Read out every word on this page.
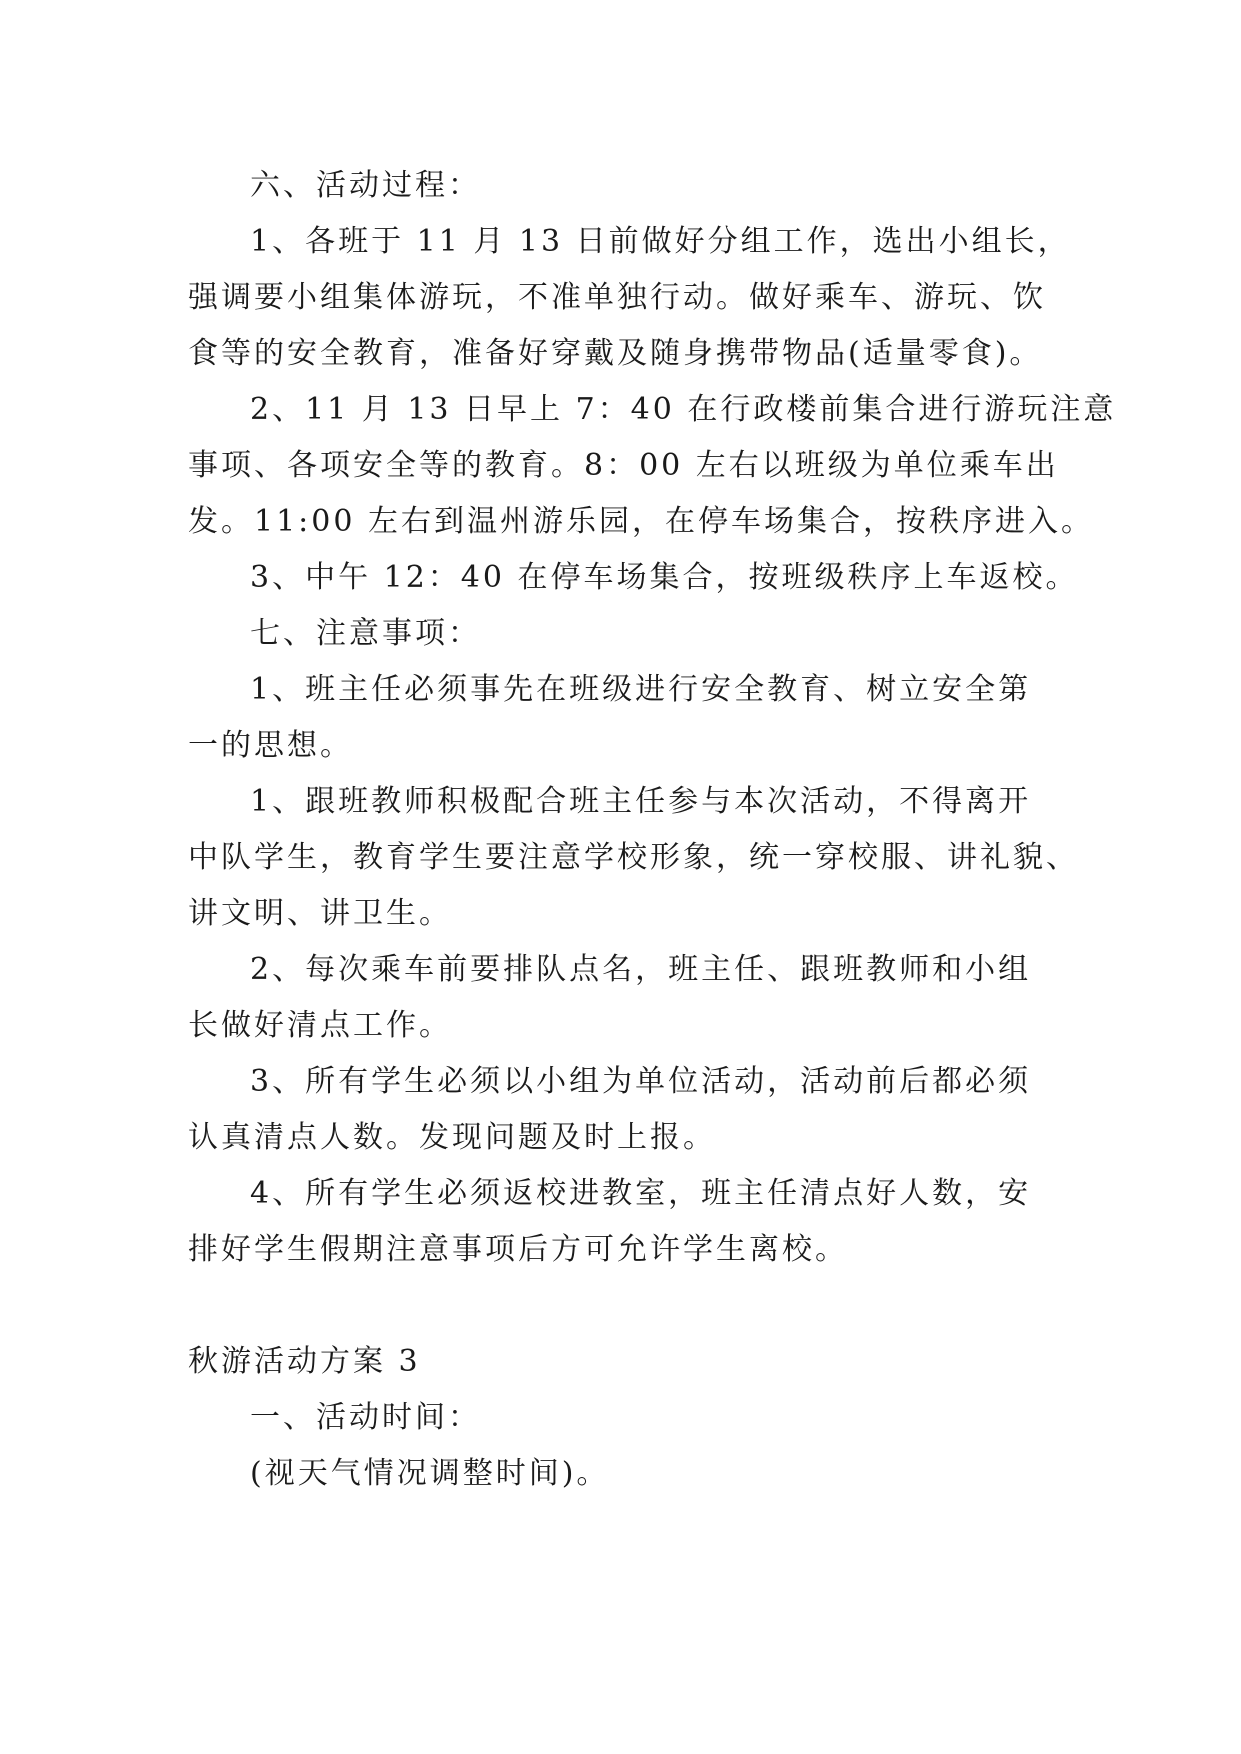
六、活动过程：

1、各班于 11 月 13 日前做好分组工作，选出小组长，

强调要小组集体游玩，不准单独行动。做好乘车、游玩、饮

食等的安全教育，准备好穿戴及随身携带物品(适量零食)。

2、11 月 13 日早上 7：40 在行政楼前集合进行游玩注意

事项、各项安全等的教育。8：00 左右以班级为单位乘车出

发。11:00 左右到温州游乐园，在停车场集合，按秩序进入。

3、中午 12：40 在停车场集合，按班级秩序上车返校。

七、注意事项：

1、班主任必须事先在班级进行安全教育、树立安全第

一的思想。

1、跟班教师积极配合班主任参与本次活动，不得离开

中队学生，教育学生要注意学校形象，统一穿校服、讲礼貌、

讲文明、讲卫生。

2、每次乘车前要排队点名，班主任、跟班教师和小组

长做好清点工作。

3、所有学生必须以小组为单位活动，活动前后都必须

认真清点人数。发现问题及时上报。

4、所有学生必须返校进教室，班主任清点好人数，安

排好学生假期注意事项后方可允许学生离校。

秋游活动方案 3

一、活动时间：

(视天气情况调整时间)。
